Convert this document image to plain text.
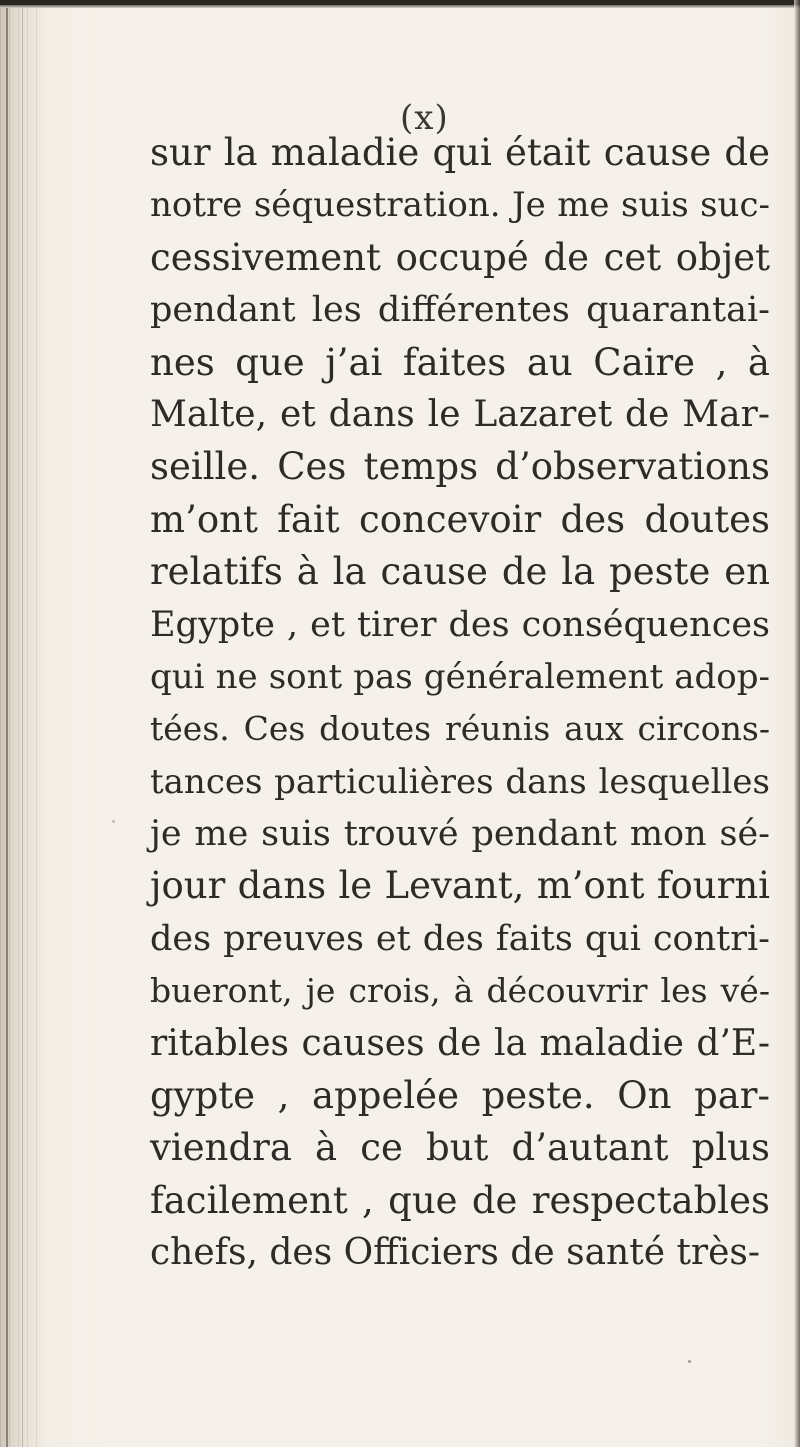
(x)
sur la maladie qui était cause de
notre séquestration. Je me suis suc-
cessivement occupé de cet objet
pendant les différentes quarantai-
nes que j’ai faites au Caire , à
Malte, et dans le Lazaret de Mar-
seille. Ces temps d’observations
m’ont fait concevoir des doutes
relatifs à la cause de la peste en
Egypte , et tirer des conséquences
qui ne sont pas généralement adop-
tées. Ces doutes réunis aux circons-
tances particulières dans lesquelles
je me suis trouvé pendant mon sé-
jour dans le Levant, m’ont fourni
des preuves et des faits qui contri-
bueront, je crois, à découvrir les vé-
ritables causes de la maladie d’E-
gypte , appelée peste. On par-
viendra à ce but d’autant plus
facilement , que de respectables
chefs, des Officiers de santé très-
